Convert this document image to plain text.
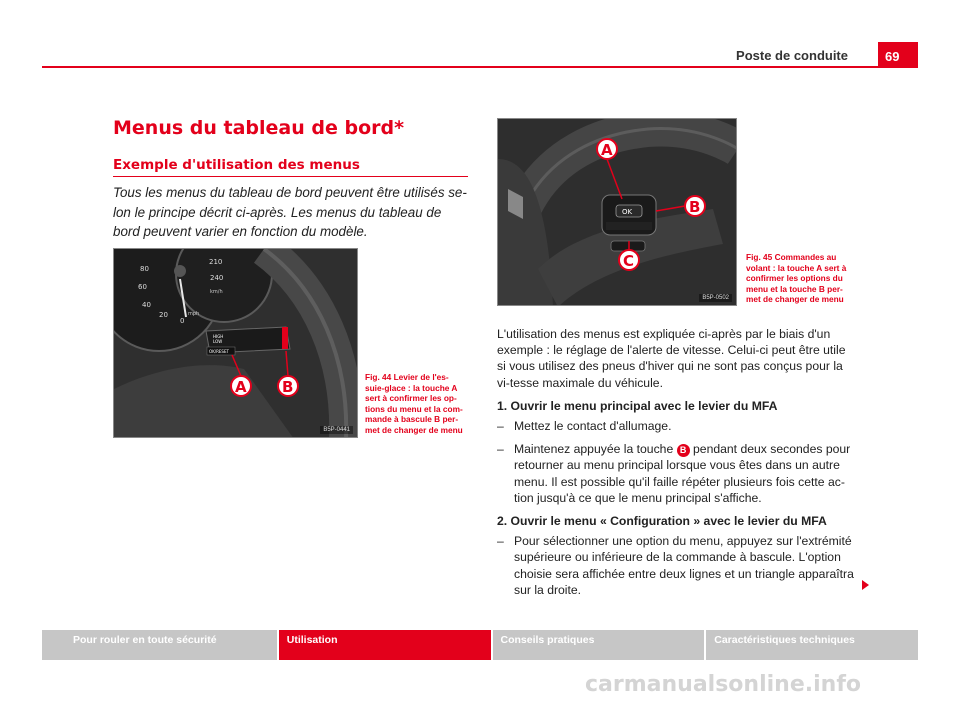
Poste de conduite	69
Menus du tableau de bord*
Exemple d'utilisation des menus
Tous les menus du tableau de bord peuvent être utilisés se-lon le principe décrit ci-après. Les menus du tableau de bord peuvent varier en fonction du modèle.
80
60
40
20
0
210
240
km/h
mph
OK/RESET
HIGH
LOW
A B
B5P-0441
Fig. 44 Levier de l'es-
suie-glace : la touche A
sert à confirmer les op-
tions du menu et la com-
mande à bascule B per-
met de changer de menu
OK
A
B
C
B5P-0502
Fig. 45 Commandes au
volant : la touche A sert à
confirmer les options du
menu et la touche B per-
met de changer de menu

L'utilisation des menus est expliquée ci-après par le biais d'un exemple : le réglage de l'alerte de vitesse. Celui-ci peut être utile si vous utilisez des pneus d'hiver qui ne sont pas conçus pour la vi-tesse maximale du véhicule.

1. Ouvrir le menu principal avec le levier du MFA
– Mettez le contact d'allumage.
– Maintenez appuyée la touche B pendant deux secondes pour retourner au menu principal lorsque vous êtes dans un autre menu. Il est possible qu'il faille répéter plusieurs fois cette ac-tion jusqu'à ce que le menu principal s'affiche.
2. Ouvrir le menu « Configuration » avec le levier du MFA
– Pour sélectionner une option du menu, appuyez sur l'extrémité supérieure ou inférieure de la commande à bascule. L'option choisie sera affichée entre deux lignes et un triangle apparaîtra sur la droite.
Pour rouler en toute sécurité	Utilisation	Conseils pratiques	Caractéristiques techniques
carmanualsonline.info
